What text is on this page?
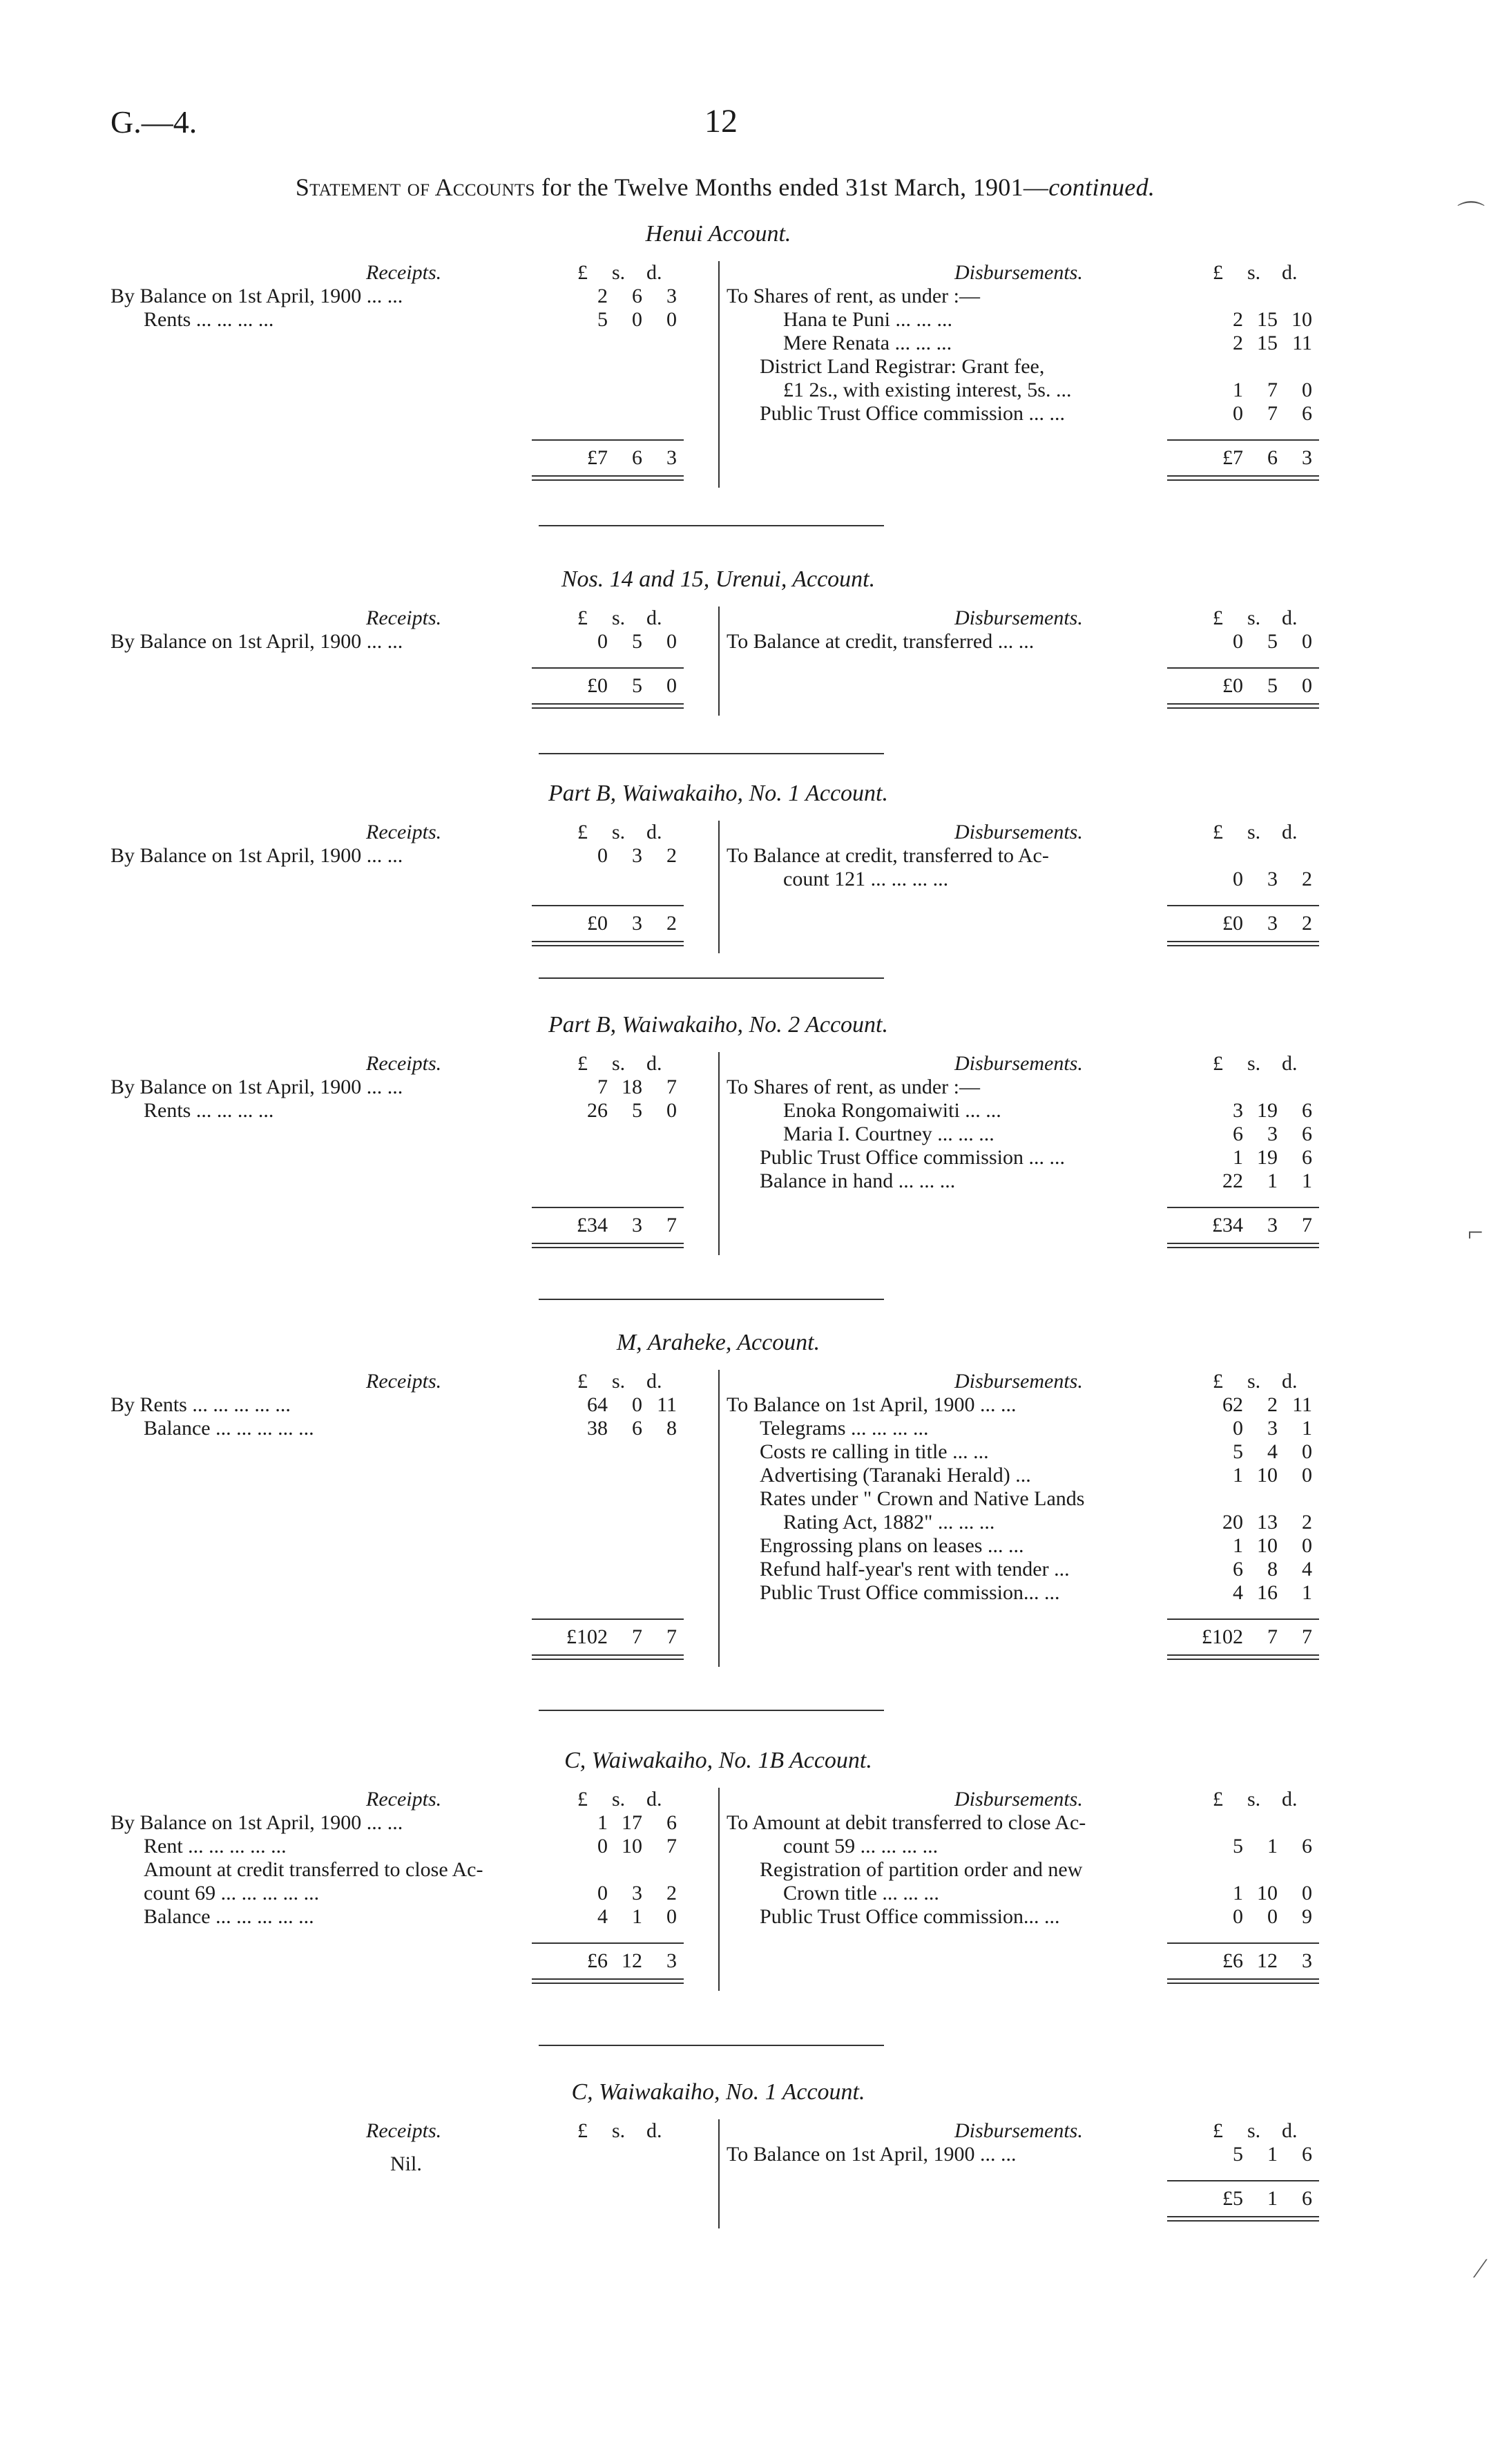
G.—4.	12
Statement of Accounts for the Twelve Months ended 31st March, 1901—continued.
Henui Account.
Receipts.	£ s. d.
By Balance on 1st April, 1900 ... ...	2	6	3
Rents ... ... ... ...	5	0	0
Disbursements.	£ s. d.
To Shares of rent, as under :—
Hana te Puni ... ... ...	2 15 10
Mere Renata ... ... ...	2 15 11
District Land Registrar: Grant fee,
£1 2s., with existing interest, 5s. ...	1	7	0
Public Trust Office commission ... ...	0	7	6
£7	6	3	£7	6	3
Nos. 14 and 15, Urenui, Account.
Receipts.	£ s. d.
By Balance on 1st April, 1900 ... ...	0	5	0
Disbursements.	£ s. d.
To Balance at credit, transferred ... ...	0	5	0
£0	5	0	£0	5	0
Part B, Waiwakaiho, No. 1 Account.
Receipts.	£ s. d.
By Balance on 1st April, 1900 ... ...	0	3	2
Disbursements.	£ s. d.
To Balance at credit, transferred to Ac-
count 121 ... ... ... ...	0	3	2
£0	3	2	£0	3	2
Part B, Waiwakaiho, No. 2 Account.
Receipts.	£ s. d.
By Balance on 1st April, 1900 ... ...	7 18	7
Rents ... ... ... ...	26	5	0
Disbursements.	£ s. d.
To Shares of rent, as under :—
Enoka Rongomaiwiti ... ...	3 19	6
Maria I. Courtney ... ... ...	6	3	6
Public Trust Office commission ... ...	1 19	6
Balance in hand ... ... ...	22	1	1
£34	3	7	£34	3	7
M, Araheke, Account.
Receipts.	£ s. d.
By Rents ... ... ... ... ...	64	0 11
Balance ... ... ... ... ...	38	6	8
Disbursements.	£ s. d.
To Balance on 1st April, 1900 ... ...	62	2 11
Telegrams ... ... ... ...	0	3	1
Costs re calling in title ... ...	5	4	0
Advertising (Taranaki Herald) ...	1 10	0
Rates under " Crown and Native Lands
Rating Act, 1882" ... ... ...	20 13	2
Engrossing plans on leases ... ...	1 10	0
Refund half-year's rent with tender ...	6	8	4
Public Trust Office commission... ...	4 16	1
£102	7	7	£102	7	7
C, Waiwakaiho, No. 1B Account.
Receipts.	£ s. d.
By Balance on 1st April, 1900 ... ...	1 17	6
Rent ... ... ... ... ...	0 10	7
Amount at credit transferred to close Ac-
count 69 ... ... ... ... ...	0	3	2
Balance ... ... ... ... ...	4	1	0
Disbursements.	£ s. d.
To Amount at debit transferred to close Ac-
count 59 ... ... ... ...	5	1	6
Registration of partition order and new
Crown title ... ... ...	1 10	0
Public Trust Office commission... ...	0	0	9
£6 12	3	£6 12	3
C, Waiwakaiho, No. 1 Account.
Receipts.	£ s. d.
Nil.
Disbursements.	£ s. d.
To Balance on 1st April, 1900 ... ...	5	1	6
£5	1	6
⌒
⌐
⁄
